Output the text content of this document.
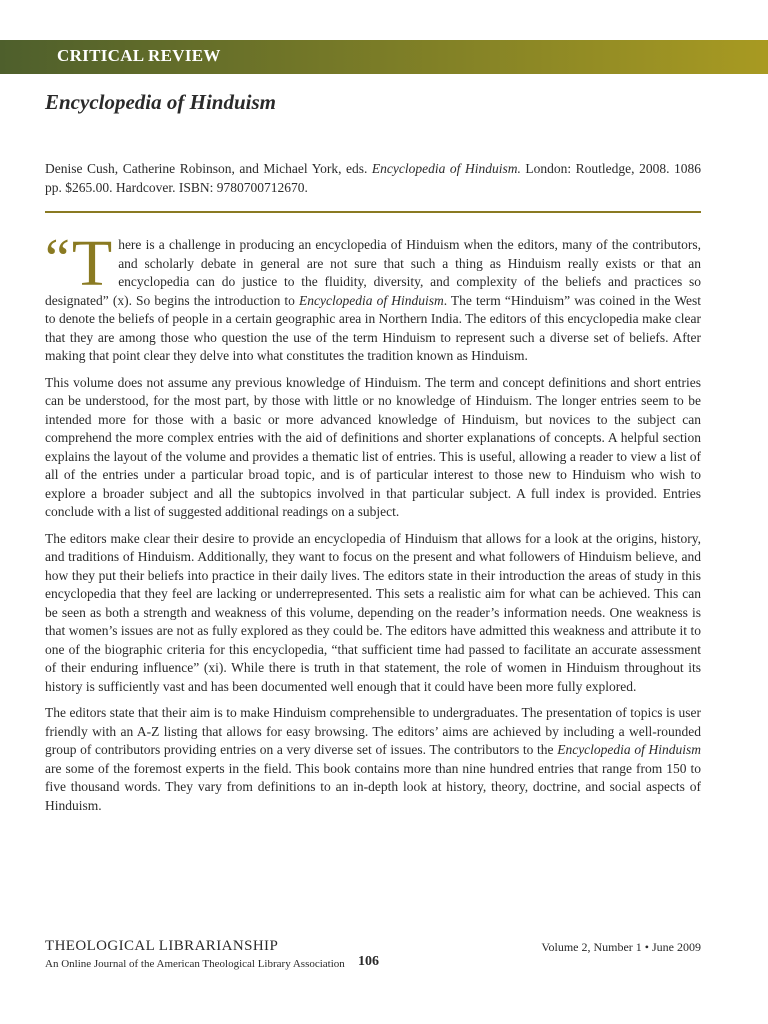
CRITICAL REVIEW
Encyclopedia of Hinduism

Denise Cush, Catherine Robinson, and Michael York, eds. Encyclopedia of Hinduism. London: Routledge, 2008. 1086 pp. $265.00. Hardcover. ISBN: 9780700712670.

“ T here is a challenge in producing an encyclopedia of Hinduism when the editors, many of the contributors, and scholarly debate in general are not sure that such a thing as Hinduism really exists or that an encyclopedia can do justice to the fluidity, diversity, and complexity of the beliefs and practices so designated” (x). So begins the introduction to Encyclopedia of Hinduism. The term “Hinduism” was coined in the West to denote the beliefs of people in a certain geographic area in Northern India. The editors of this encyclopedia make clear that they are among those who question the use of the term Hinduism to represent such a diverse set of beliefs. After making that point clear they delve into what constitutes the tradition known as Hinduism.

This volume does not assume any previous knowledge of Hinduism. The term and concept definitions and short entries can be understood, for the most part, by those with little or no knowledge of Hinduism. The longer entries seem to be intended more for those with a basic or more advanced knowledge of Hinduism, but novices to the subject can comprehend the more complex entries with the aid of definitions and shorter explanations of concepts. A helpful section explains the layout of the volume and provides a thematic list of entries. This is useful, allowing a reader to view a list of all of the entries under a particular broad topic, and is of particular interest to those new to Hinduism who wish to explore a broader subject and all the subtopics involved in that particular subject. A full index is provided. Entries conclude with a list of suggested additional readings on a subject.

The editors make clear their desire to provide an encyclopedia of Hinduism that allows for a look at the origins, history, and traditions of Hinduism. Additionally, they want to focus on the present and what followers of Hinduism believe, and how they put their beliefs into practice in their daily lives. The editors state in their introduction the areas of study in this encyclopedia that they feel are lacking or underrepresented. This sets a realistic aim for what can be achieved. This can be seen as both a strength and weakness of this volume, depending on the reader’s information needs. One weakness is that women’s issues are not as fully explored as they could be. The editors have admitted this weakness and attribute it to one of the biographic criteria for this encyclopedia, “that sufficient time had passed to facilitate an accurate assessment of their enduring influence” (xi). While there is truth in that statement, the role of women in Hinduism throughout its history is sufficiently vast and has been documented well enough that it could have been more fully explored.

The editors state that their aim is to make Hinduism comprehensible to undergraduates. The presentation of topics is user friendly with an A-Z listing that allows for easy browsing. The editors’ aims are achieved by including a well-rounded group of contributors providing entries on a very diverse set of issues. The contributors to the Encyclopedia of Hinduism are some of the foremost experts in the field. This book contains more than nine hundred entries that range from 150 to five thousand words. They vary from definitions to an in-depth look at history, theory, doctrine, and social aspects of Hinduism.

THEOLOGICAL LIBRARIANSHIP
An Online Journal of the American Theological Library Association 106
Volume 2, Number 1 • June 2009
